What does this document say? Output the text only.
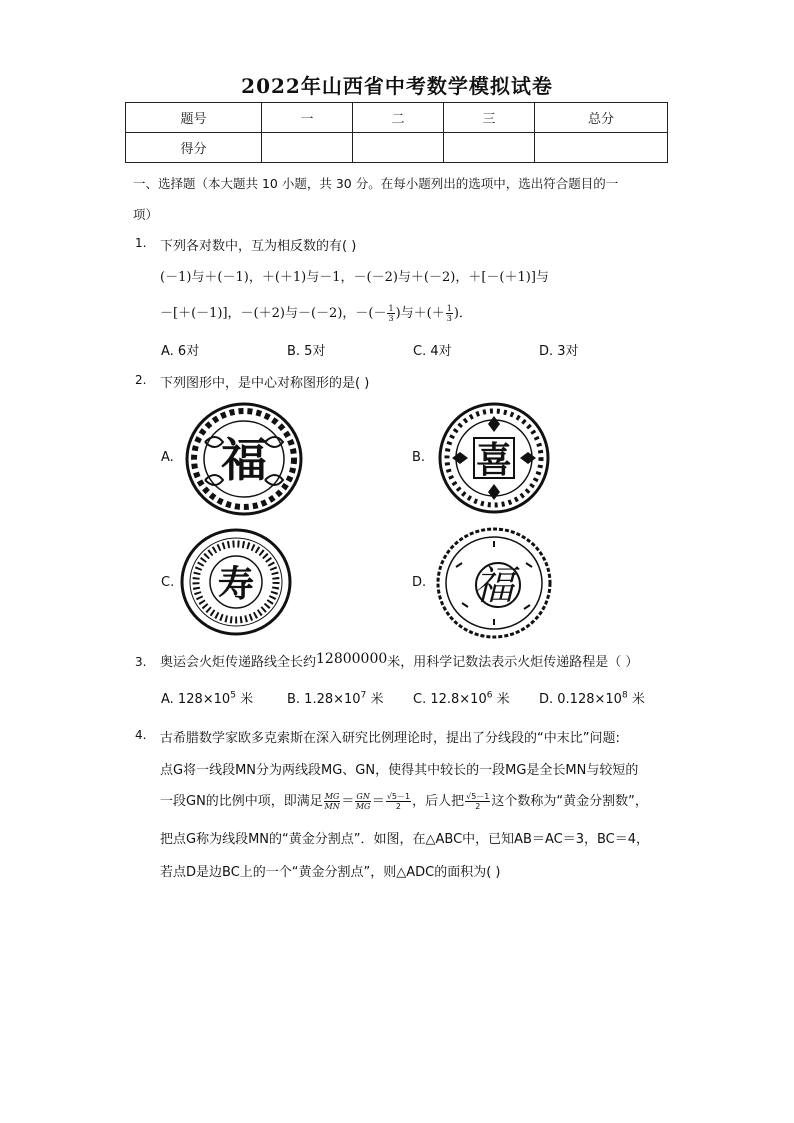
2022年山西省中考数学模拟试卷
题号	一	二	三	总分
得分				
一、选择题（本大题共 10 小题，共 30 分。在每小题列出的选项中，选出符合题目的一
项）
1. 下列各对数中，互为相反数的有( )
(－1)与＋(－1)，＋(＋1)与－1，－(－2)与＋(－2)，＋[－(＋1)]与
－[＋(－1)]，－(＋2)与－(－2)，－(－ $\frac{1}{3}$ )与＋(＋ $\frac{1}{3}$ )．
A. 6对	B. 5对	C. 4对	D. 3对
2. 下列图形中，是中心对称图形的是( )
A. 福	B. 喜
C. 寿	D. 福
3. 奥运会火炬传递路线全长约12800000米，用科学记数法表示火炬传递路程是（ ）
A. $128\times 10^5$ 米	B. $1.28\times 10^7$ 米 C. $12.8\times 10^6$ 米 D. $0.128\times 10^8$ 米
4. 古希腊数学家欧多克索斯在深入研究比例理论时，提出了分线段的“中末比”问题:
点G将一线段MN分为两线段MG、GN，使得其中较长的一段MG是全长MN与较短的
一段GN的比例中项，即满足 $\frac{MG}{MN} = \frac{GN}{MG} = \frac{√5-1}{2}$ ，后人把 $\frac{√5-1}{2}$ 这个数称为“黄金分割数”，
把点G称为线段MN的“黄金分割点”．如图，在△ABC中，已知AB＝AC＝3，BC＝4，
若点D是边BC上的一个“黄金分割点”，则△ADC的面积为( )
